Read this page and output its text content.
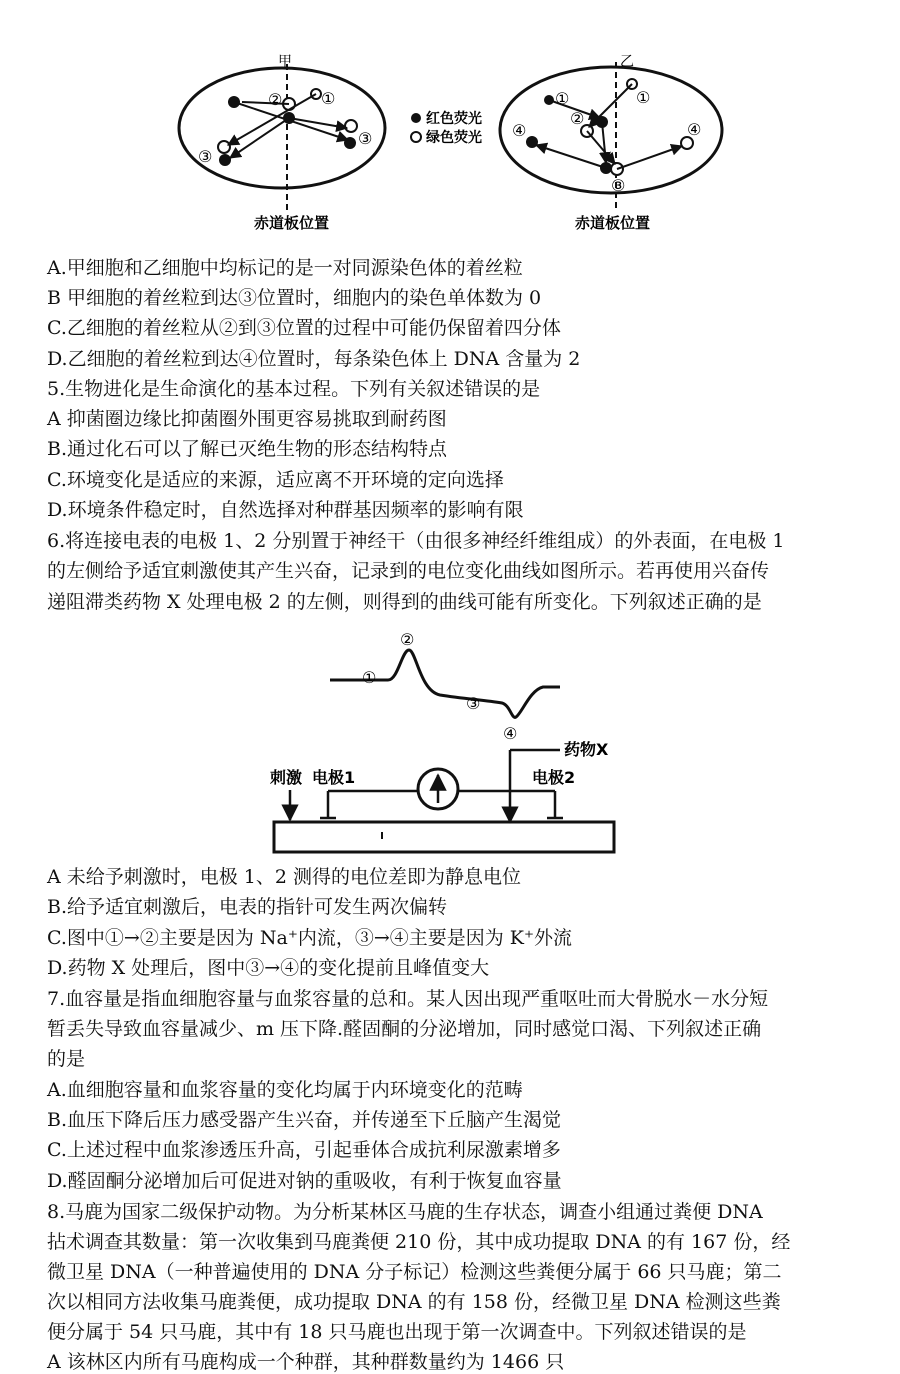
甲
② ①
③
③
赤道板位置
红色荧光
绿色荧光
乙
①	①
②
④	④
③
赤道板位置
A.甲细胞和乙细胞中均标记的是一对同源染色体的着丝粒
B 甲细胞的着丝粒到达③位置时，细胞内的染色单体数为 0
C.乙细胞的着丝粒从②到③位置的过程中可能仍保留着四分体
D.乙细胞的着丝粒到达④位置时，每条染色体上 DNA 含量为 2
5.生物进化是生命演化的基本过程。下列有关叙述错误的是
A 抑菌圈边缘比抑菌圈外围更容易挑取到耐药图
B.通过化石可以了解已灭绝生物的形态结构特点
C.环境变化是适应的来源，适应离不开环境的定向选择
D.环境条件稳定时，自然选择对种群基因频率的影响有限
6.将连接电表的电极 1、2 分别置于神经干（由很多神经纤维组成）的外表面，在电极 1
的左侧给予适宜刺激使其产生兴奋，记录到的电位变化曲线如图所示。若再使用兴奋传
递阻滞类药物 X 处理电极 2 的左侧，则得到的曲线可能有所变化。下列叙述正确的是
①
②
③
④
药物X
刺激 电极1	电极2
A 未给予刺激时，电极 1、2 测得的电位差即为静息电位
B.给予适宜刺激后，电表的指针可发生两次偏转
C.图中①→②主要是因为 Na⁺内流，③→④主要是因为 K⁺外流
D.药物 X 处理后，图中③→④的变化提前且峰值变大
7.血容量是指血细胞容量与血浆容量的总和。某人因出现严重呕吐而大骨脱水－水分短
暂丢失导致血容量减少、m 压下降.醛固酮的分泌增加，同时感觉口渴、下列叙述正确
的是
A.血细胞容量和血浆容量的变化均属于内环境变化的范畴
B.血压下降后压力感受器产生兴奋，并传递至下丘脑产生渴觉
C.上述过程中血浆渗透压升高，引起垂体合成抗利尿激素增多
D.醛固酮分泌增加后可促进对钠的重吸收，有利于恢复血容量
8.马鹿为国家二级保护动物。为分析某林区马鹿的生存状态，调查小组通过粪便 DNA
拈术调查其数量：第一次收集到马鹿粪便 210 份，其中成功提取 DNA 的有 167 份，经
微卫星 DNA（一种普遍使用的 DNA 分子标记）检测这些粪便分属于 66 只马鹿；第二
次以相同方法收集马鹿粪便，成功提取 DNA 的有 158 份，经微卫星 DNA 检测这些粪
便分属于 54 只马鹿，其中有 18 只马鹿也出现于第一次调查中。下列叙述错误的是
A 该林区内所有马鹿构成一个种群，其种群数量约为 1466 只
